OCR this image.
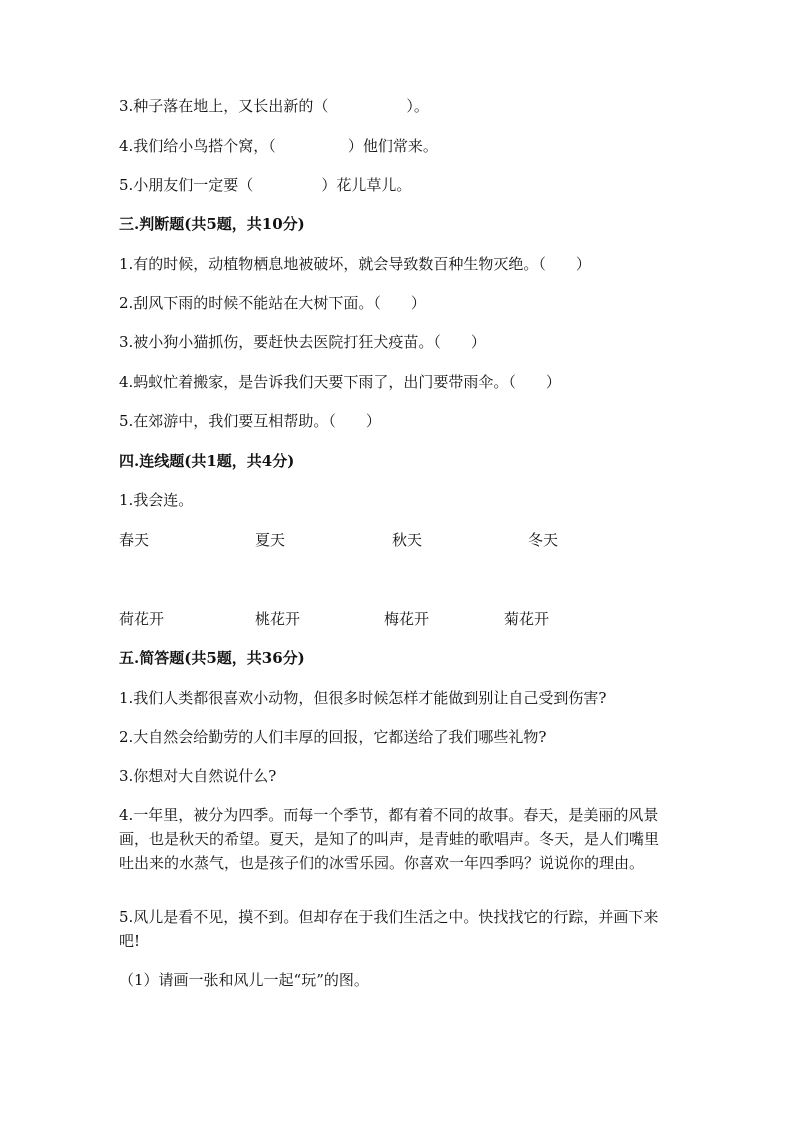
3.种子落在地上，又长出新的（	）。
4.我们给小鸟搭个窝，（	）他们常来。
5.小朋友们一定要（	）花儿草儿。
三.判断题(共5题，共10分)
1.有的时候，动植物栖息地被破坏，就会导致数百种生物灭绝。（　　）
2.刮风下雨的时候不能站在大树下面。（　　）
3.被小狗小猫抓伤，要赶快去医院打狂犬疫苗。（　　）
4.蚂蚁忙着搬家，是告诉我们天要下雨了，出门要带雨伞。（　　）
5.在郊游中，我们要互相帮助。（　　）
四.连线题(共1题，共4分)
1.我会连。
春天	夏天	秋天	冬天
荷花开	桃花开	梅花开	菊花开
五.简答题(共5题，共36分)
1.我们人类都很喜欢小动物，但很多时候怎样才能做到别让自己受到伤害?
2.大自然会给勤劳的人们丰厚的回报，它都送给了我们哪些礼物?
3.你想对大自然说什么?
4.一年里，被分为四季。而每一个季节，都有着不同的故事。春天，是美丽的风景画，也是秋天的希望。夏天，是知了的叫声，是青蛙的歌唱声。冬天，是人们嘴里吐出来的水蒸气，也是孩子们的冰雪乐园。你喜欢一年四季吗？说说你的理由。
5.风儿是看不见，摸不到。但却存在于我们生活之中。快找找它的行踪，并画下来吧!
（1）请画一张和风儿一起“玩”的图。
